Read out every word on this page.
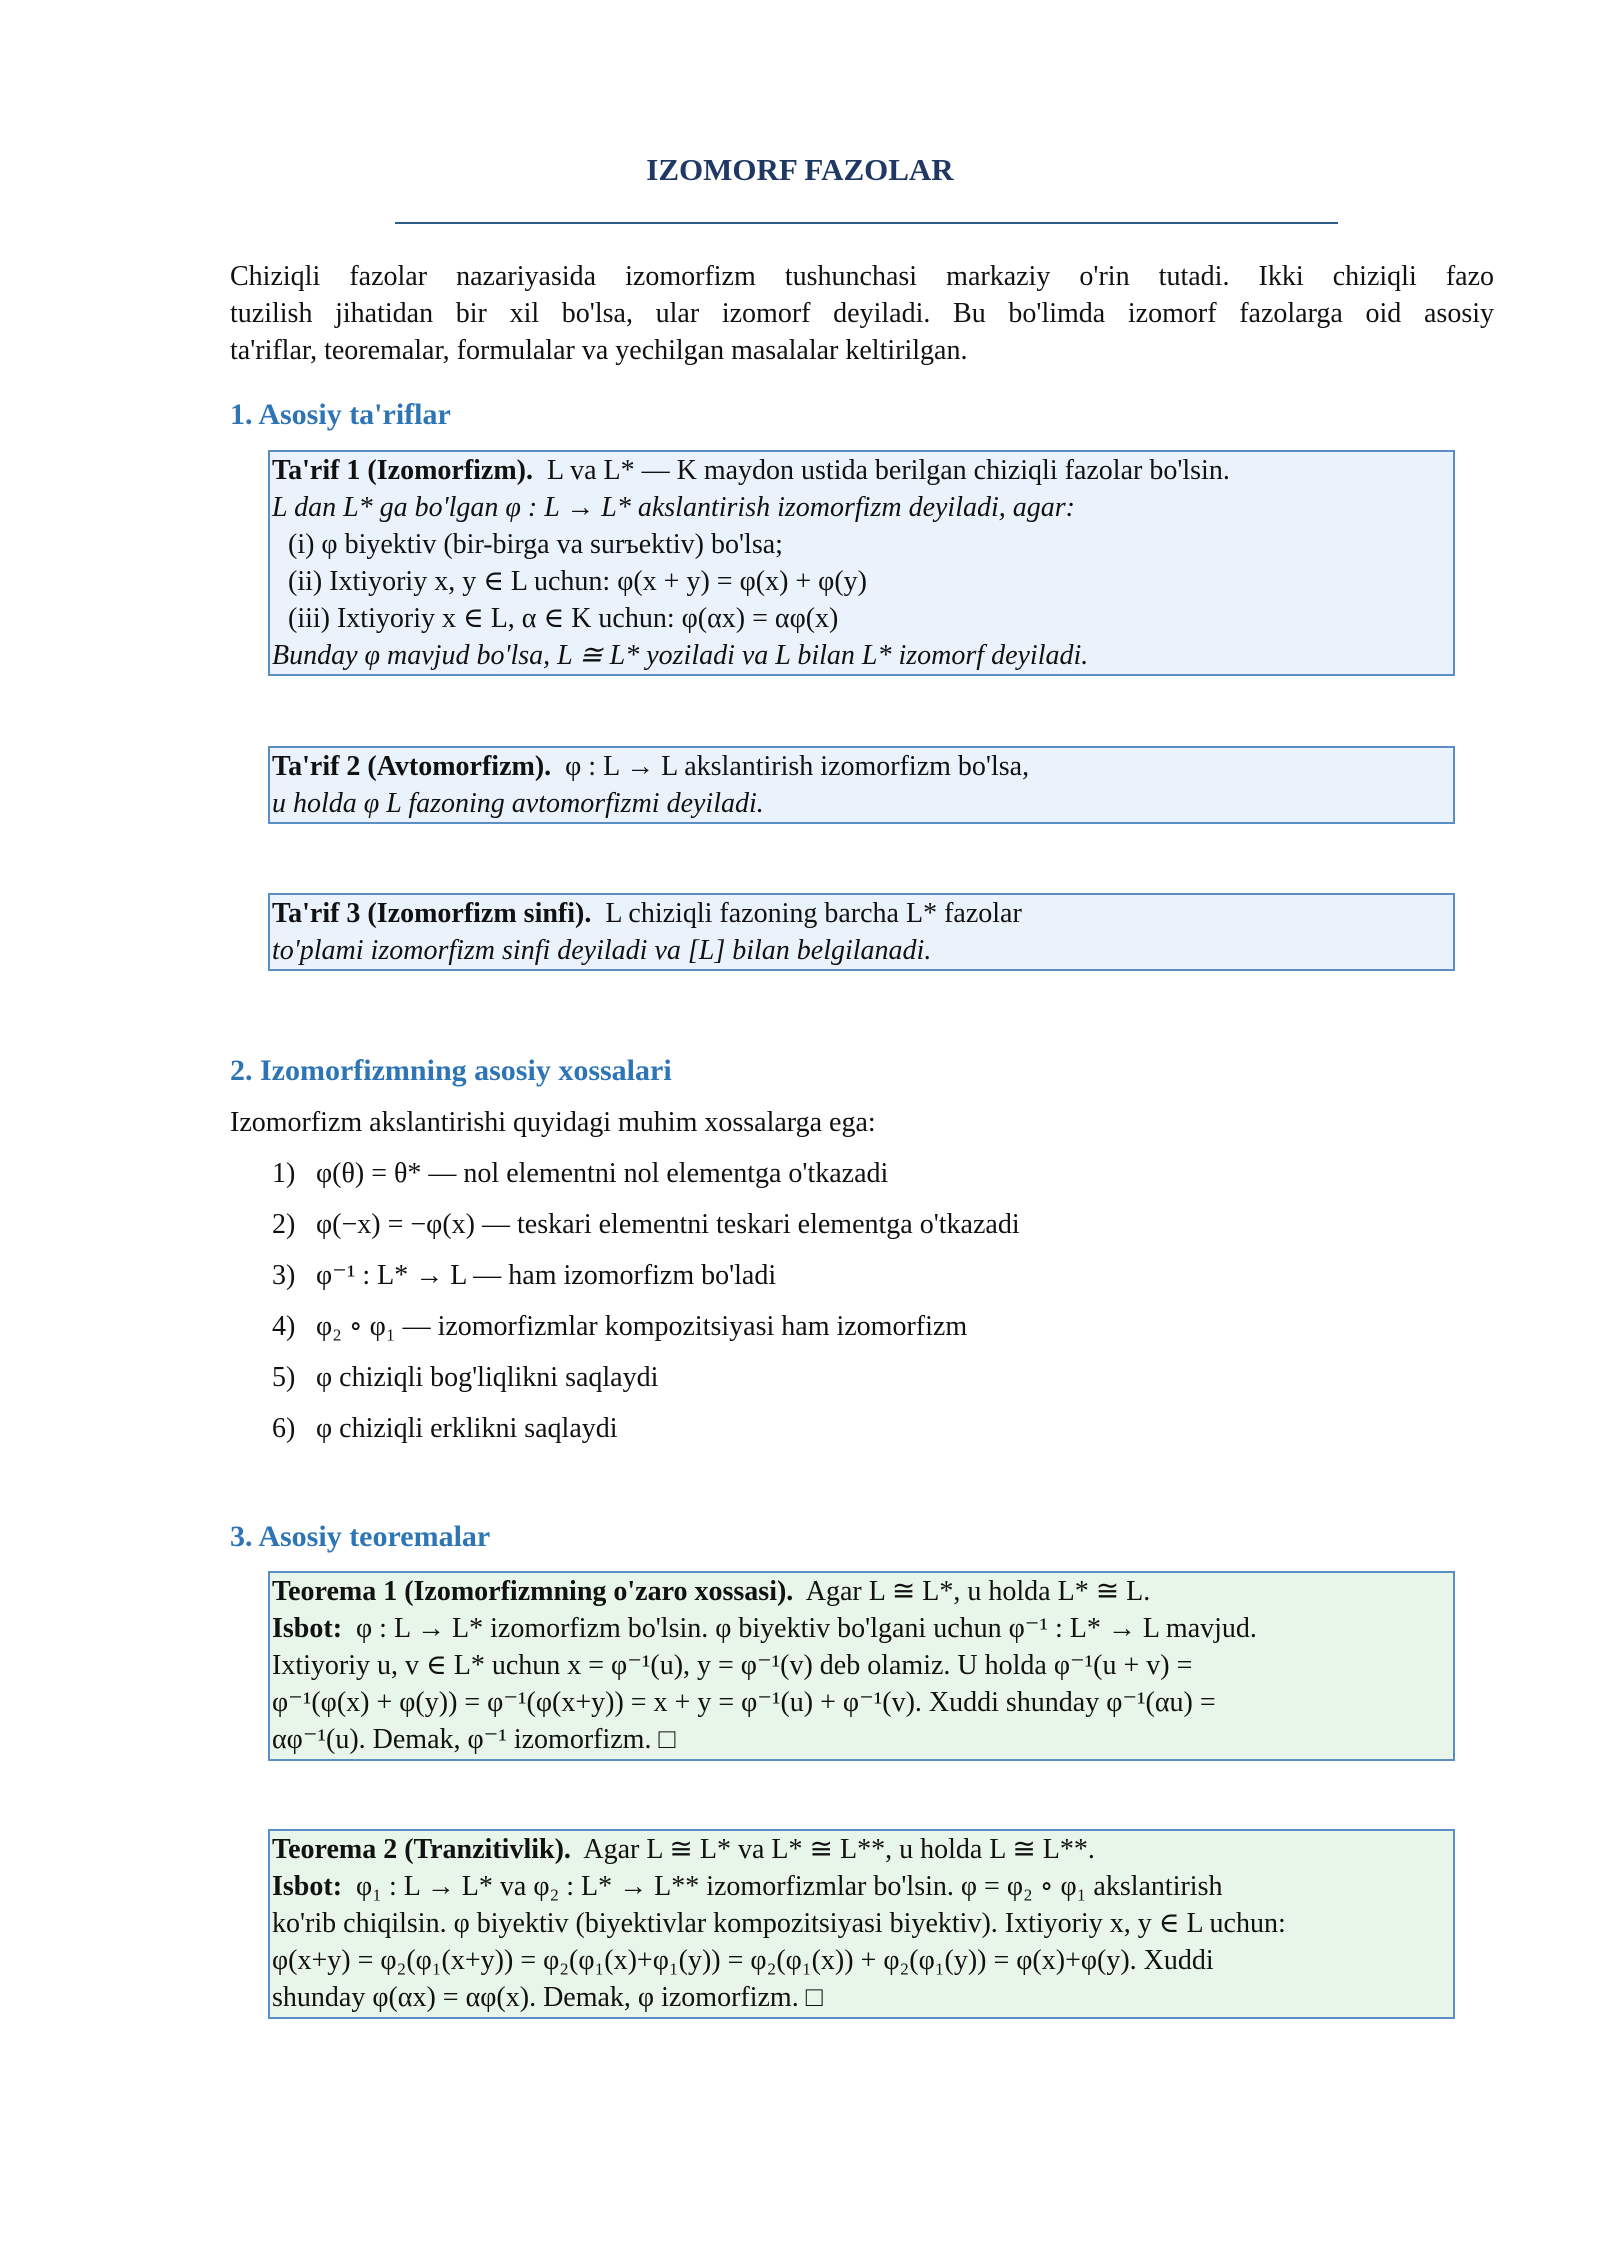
IZOMORF FAZOLAR
Chiziqli fazolar nazariyasida izomorfizm tushunchasi markaziy o'rin tutadi. Ikki chiziqli fazo
tuzilish jihatidan bir xil bo'lsa, ular izomorf deyiladi. Bu bo'limda izomorf fazolarga oid asosiy
ta'riflar, teoremalar, formulalar va yechilgan masalalar keltirilgan.
1. Asosiy ta'riflar
Ta'rif 1 (Izomorfizm). L va L* — K maydon ustida berilgan chiziqli fazolar bo'lsin.
L dan L* ga bo'lgan φ : L → L* akslantirish izomorfizm deyiladi, agar:
(i) φ biyektiv (bir-birga va surъektiv) bo'lsa;
(ii) Ixtiyoriy x, y ∈ L uchun: φ(x + y) = φ(x) + φ(y)
(iii) Ixtiyoriy x ∈ L, α ∈ K uchun: φ(αx) = αφ(x)
Bunday φ mavjud bo'lsa, L ≅ L* yoziladi va L bilan L* izomorf deyiladi.
Ta'rif 2 (Avtomorfizm). φ : L → L akslantirish izomorfizm bo'lsa,
u holda φ L fazoning avtomorfizmi deyiladi.
Ta'rif 3 (Izomorfizm sinfi). L chiziqli fazoning barcha L* fazolar
to'plami izomorfizm sinfi deyiladi va [L] bilan belgilanadi.
2. Izomorfizmning asosiy xossalari
Izomorfizm akslantirishi quyidagi muhim xossalarga ega:
1) φ(θ) = θ* — nol elementni nol elementga o'tkazadi
2) φ(−x) = −φ(x) — teskari elementni teskari elementga o'tkazadi
3) φ⁻¹ : L* → L — ham izomorfizm bo'ladi
4) φ₂ ∘ φ₁ — izomorfizmlar kompozitsiyasi ham izomorfizm
5) φ chiziqli bog'liqlikni saqlaydi
6) φ chiziqli erklikni saqlaydi
3. Asosiy teoremalar
Teorema 1 (Izomorfizmning o'zaro xossasi). Agar L ≅ L*, u holda L* ≅ L.
Isbot: φ : L → L* izomorfizm bo'lsin. φ biyektiv bo'lgani uchun φ⁻¹ : L* → L mavjud.
Ixtiyoriy u, v ∈ L* uchun x = φ⁻¹(u), y = φ⁻¹(v) deb olamiz. U holda φ⁻¹(u + v) =
φ⁻¹(φ(x) + φ(y)) = φ⁻¹(φ(x+y)) = x + y = φ⁻¹(u) + φ⁻¹(v). Xuddi shunday φ⁻¹(αu) =
αφ⁻¹(u). Demak, φ⁻¹ izomorfizm. □
Teorema 2 (Tranzitivlik). Agar L ≅ L* va L* ≅ L**, u holda L ≅ L**.
Isbot: φ₁ : L → L* va φ₂ : L* → L** izomorfizmlar bo'lsin. φ = φ₂ ∘ φ₁ akslantirish
ko'rib chiqilsin. φ biyektiv (biyektivlar kompozitsiyasi biyektiv). Ixtiyoriy x, y ∈ L uchun:
φ(x+y) = φ₂(φ₁(x+y)) = φ₂(φ₁(x)+φ₁(y)) = φ₂(φ₁(x)) + φ₂(φ₁(y)) = φ(x)+φ(y). Xuddi
shunday φ(αx) = αφ(x). Demak, φ izomorfizm. □
